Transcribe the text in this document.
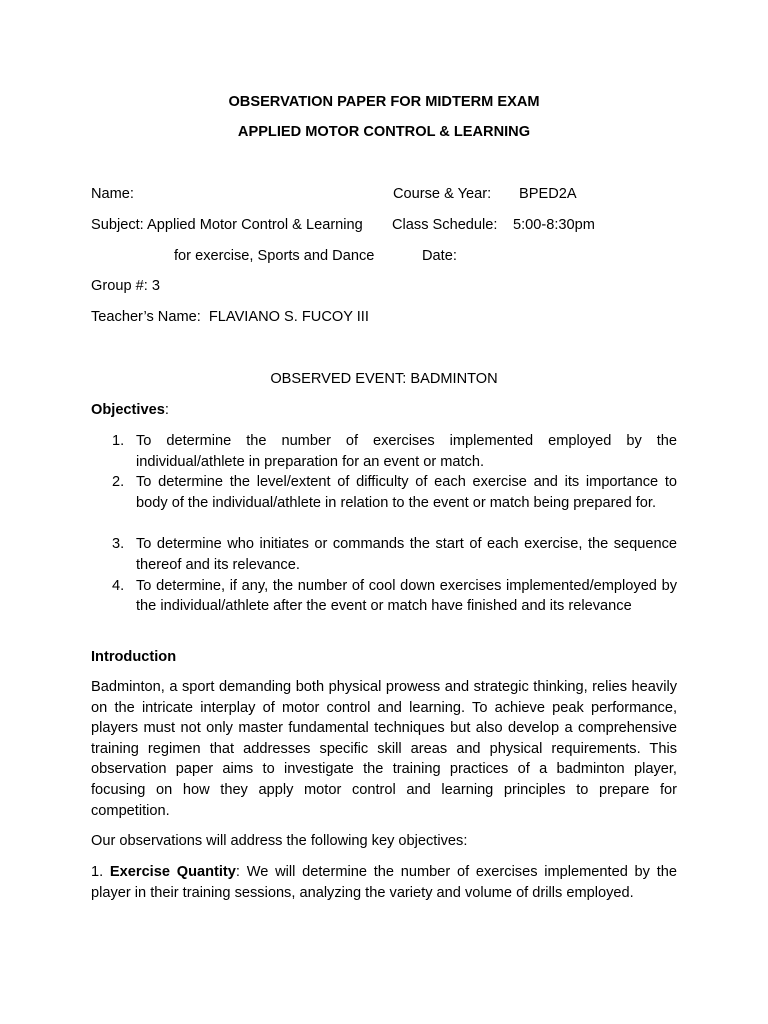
OBSERVATION PAPER FOR MIDTERM EXAM
APPLIED MOTOR CONTROL & LEARNING
Name:	Course & Year: BPED2A
Subject: Applied Motor Control & Learning Class Schedule: 5:00-8:30pm
for exercise, Sports and Dance	Date:
Group #: 3
Teacher’s Name: FLAVIANO S. FUCOY III
OBSERVED EVENT: BADMINTON
Objectives:
1. To determine the number of exercises implemented employed by the individual/athlete in preparation for an event or match.
2. To determine the level/extent of difficulty of each exercise and its importance to body of the individual/athlete in relation to the event or match being prepared for.
3. To determine who initiates or commands the start of each exercise, the sequence thereof and its relevance.
4. To determine, if any, the number of cool down exercises implemented/employed by the individual/athlete after the event or match have finished and its relevance
Introduction
Badminton, a sport demanding both physical prowess and strategic thinking, relies heavily on the intricate interplay of motor control and learning. To achieve peak performance, players must not only master fundamental techniques but also develop a comprehensive training regimen that addresses specific skill areas and physical requirements. This observation paper aims to investigate the training practices of a badminton player, focusing on how they apply motor control and learning principles to prepare for competition.
Our observations will address the following key objectives:
1. Exercise Quantity: We will determine the number of exercises implemented by the player in their training sessions, analyzing the variety and volume of drills employed.
